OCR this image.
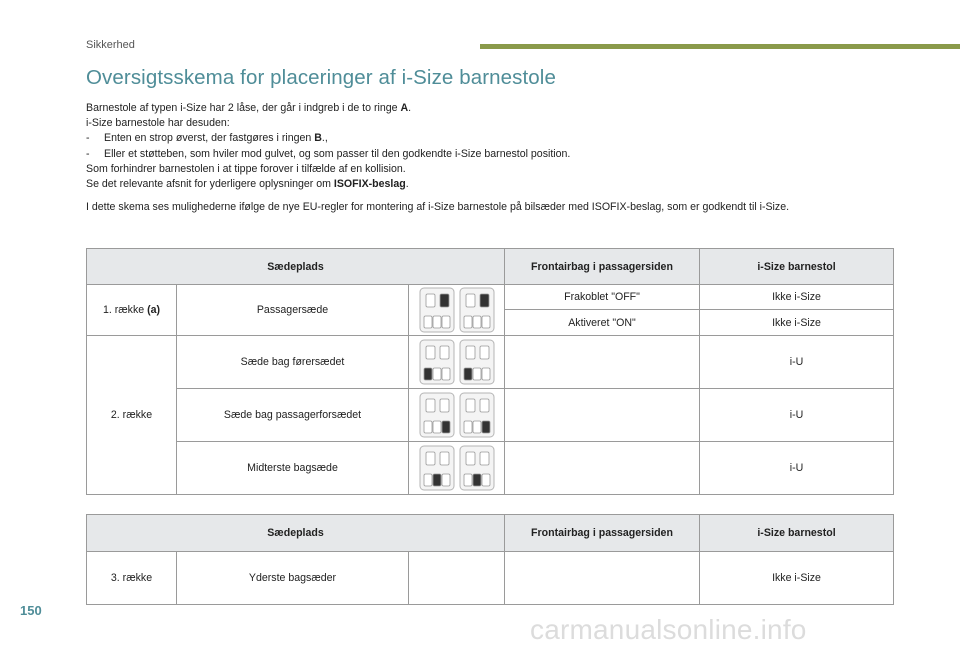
Sikkerhed
Oversigtsskema for placeringer af i-Size barnestole
Barnestole af typen i-Size har 2 låse, der går i indgreb i de to ringe A.
i-Size barnestole har desuden:
- Enten en strop øverst, der fastgøres i ringen B.,
- Eller et støtteben, som hviler mod gulvet, og som passer til den godkendte i-Size barnestol position.
Som forhindrer barnestolen i at tippe forover i tilfælde af en kollision.
Se det relevante afsnit for yderligere oplysninger om ISOFIX-beslag.
I dette skema ses mulighederne ifølge de nye EU-regler for montering af i-Size barnestole på bilsæder med ISOFIX-beslag, som er godkendt til i-Size.
Sædeplads			Frontairbag i passagersiden	i-Size barnestol
1. række (a)	Passagersæde		Frakoblet "OFF"	Ikke i-Size
			Aktiveret "ON"	Ikke i-Size
2. række	Sæde bag førersædet			i-U
	Sæde bag passagerforsædet			i-U
	Midterste bagsæde			i-U
Sædeplads			Frontairbag i passagersiden	i-Size barnestol
3. række	Yderste bagsæder			Ikke i-Size
150
carmanualsonline.info
